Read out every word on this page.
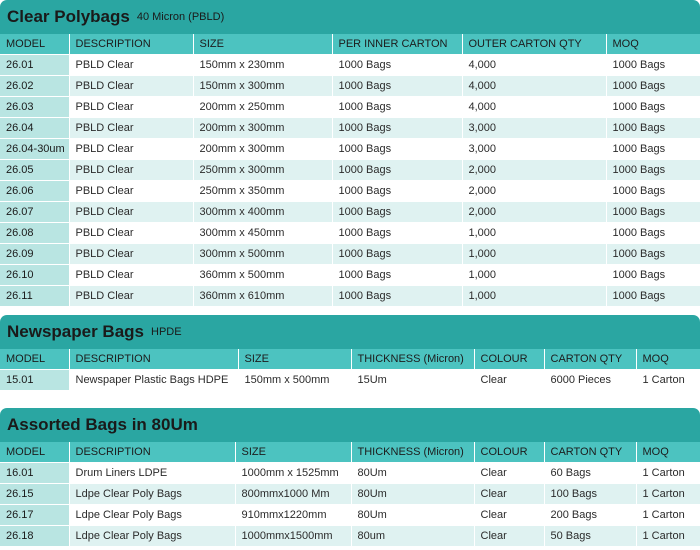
Clear Polybags 40 Micron (PBLD)
MODEL	DESCRIPTION	SIZE	PER INNER CARTON	OUTER CARTON QTY	MOQ
26.01	PBLD Clear	150mm x 230mm	1000 Bags	4,000	1000 Bags
26.02	PBLD Clear	150mm x 300mm	1000 Bags	4,000	1000 Bags
26.03	PBLD Clear	200mm x 250mm	1000 Bags	4,000	1000 Bags
26.04	PBLD Clear	200mm x 300mm	1000 Bags	3,000	1000 Bags
26.04-30um	PBLD Clear	200mm x 300mm	1000 Bags	3,000	1000 Bags
26.05	PBLD Clear	250mm x 300mm	1000 Bags	2,000	1000 Bags
26.06	PBLD Clear	250mm x 350mm	1000 Bags	2,000	1000 Bags
26.07	PBLD Clear	300mm x 400mm	1000 Bags	2,000	1000 Bags
26.08	PBLD Clear	300mm x 450mm	1000 Bags	1,000	1000 Bags
26.09	PBLD Clear	300mm x 500mm	1000 Bags	1,000	1000 Bags
26.10	PBLD Clear	360mm x 500mm	1000 Bags	1,000	1000 Bags
26.11	PBLD Clear	360mm x 610mm	1000 Bags	1,000	1000 Bags
Newspaper Bags HPDE
MODEL	DESCRIPTION	SIZE	THICKNESS (Micron)	COLOUR	CARTON QTY	MOQ
15.01	Newspaper Plastic Bags HDPE	150mm x 500mm	15Um	Clear	6000 Pieces	1 Carton
Assorted Bags in 80Um
MODEL	DESCRIPTION	SIZE	THICKNESS (Micron)	COLOUR	CARTON QTY	MOQ
16.01	Drum Liners LDPE	1000mm x 1525mm	80Um	Clear	60 Bags	1 Carton
26.15	Ldpe Clear Poly Bags	800mmx1000 Mm	80Um	Clear	100 Bags	1 Carton
26.17	Ldpe Clear Poly Bags	910mmx1220mm	80Um	Clear	200 Bags	1 Carton
26.18	Ldpe Clear Poly Bags	1000mmx1500mm	80um	Clear	50 Bags	1 Carton
